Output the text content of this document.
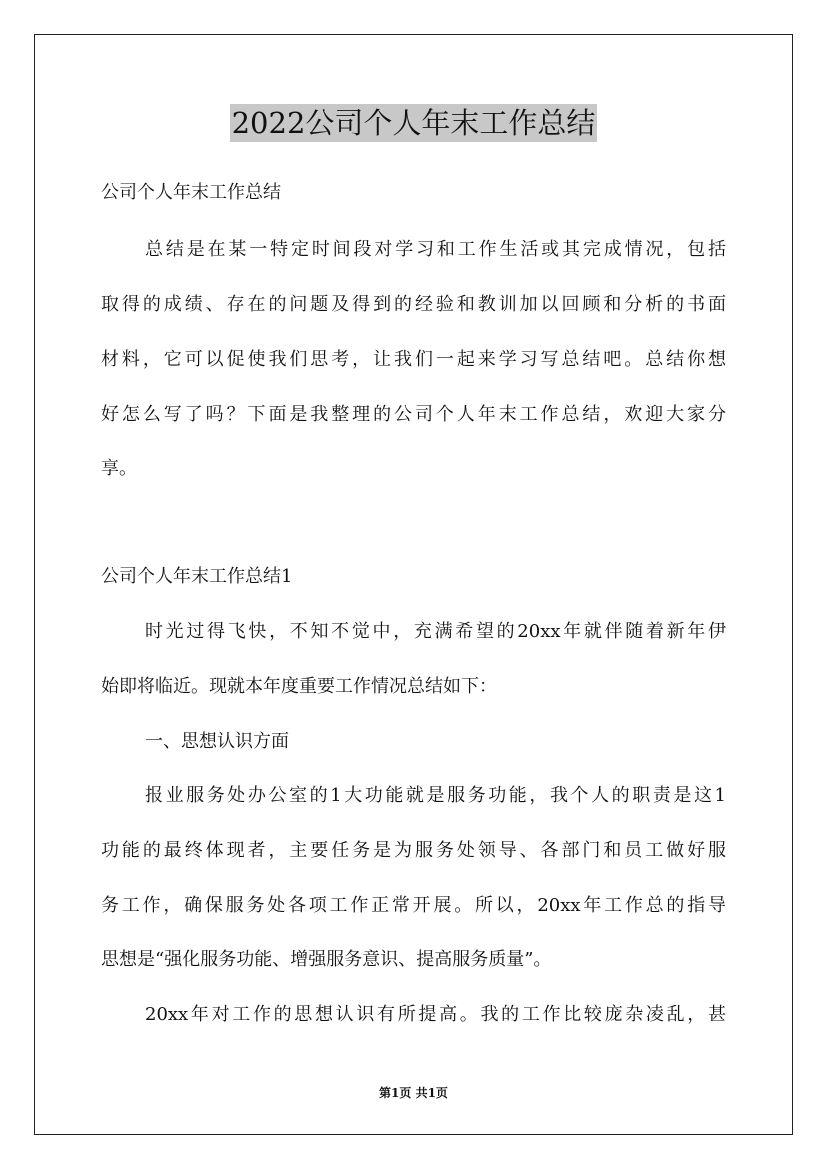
2022公司个人年末工作总结
公司个人年末工作总结
总结是在某一特定时间段对学习和工作生活或其完成情况，包括
取得的成绩、存在的问题及得到的经验和教训加以回顾和分析的书面
材料，它可以促使我们思考，让我们一起来学习写总结吧。总结你想
好怎么写了吗？下面是我整理的公司个人年末工作总结，欢迎大家分
享。
公司个人年末工作总结1
时光过得飞快，不知不觉中，充满希望的20xx年就伴随着新年伊
始即将临近。现就本年度重要工作情况总结如下：
一、思想认识方面
报业服务处办公室的1大功能就是服务功能，我个人的职责是这1
功能的最终体现者，主要任务是为服务处领导、各部门和员工做好服
务工作，确保服务处各项工作正常开展。所以，20xx年工作总的指导
思想是“强化服务功能、增强服务意识、提高服务质量”。
20xx年对工作的思想认识有所提高。我的工作比较庞杂凌乱，甚
第1页 共1页
